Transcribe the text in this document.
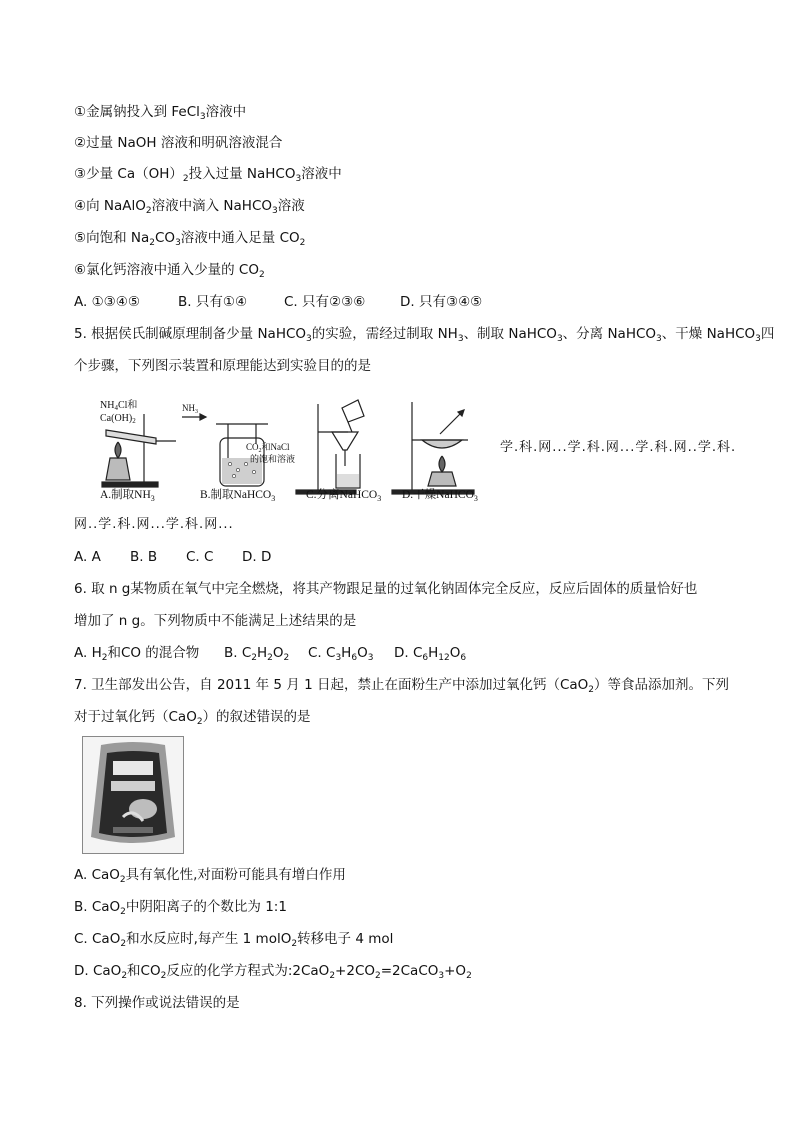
①金属钠投入到 FeCl$_3$溶液中
②过量 NaOH 溶液和明矾溶液混合
③少量 $Ca(OH)_2$投入过量 NaHCO$_3$溶液中
④向 NaAlO$_2$溶液中滴入 NaHCO$_3$溶液
⑤向饱和 $Na_2CO_3$溶液中通入足量 $CO_2$
⑥氯化钙溶液中通入少量的 $CO_2$
A. ①③④⑤	B. 只有①④	C. 只有②③⑥	D. 只有③④⑤
5. 根据侯氏制碱原理制备少量 NaHCO$_3$的实验，需经过制取 $NH_3$、制取 NaHCO$_3$、分离 NaHCO$_3$、干燥 NaHCO$_3$四
个步骤，下列图示装置和原理能达到实验目的的是
$NH_4Cl$和
$Ca(OH)_2$
$NH_3$
$CO_2$和NaCl
的饱和溶液
A.制取$NH_3$	B.制取NaHCO$_3$	C.分离NaHCO$_3$ D.干燥NaHCO$_3$
学.科.网...学.科.网...学.科.网..学.科.
网..学.科.网...学.科.网...
A. A B. B C. C D. D
6. 取 n g某物质在氧气中完全燃烧，将其产物跟足量的过氧化钠固体完全反应，反应后固体的质量恰好也
增加了 n g。下列物质中不能满足上述结果的是
A. $H_2$和CO 的混合物 B. $C_2H_2O_2$ C. $C_3H_6O_3$ D. $C_6H_{12}O_6$
7. 卫生部发出公告，自 2011 年 5 月 1 日起，禁止在面粉生产中添加过氧化钙（CaO$_2$）等食品添加剂。下列
对于过氧化钙（CaO$_2$）的叙述错误的是
A. CaO$_2$具有氧化性,对面粉可能具有增白作用
B. CaO$_2$中阴阳离子的个数比为 1:1
C. CaO$_2$和水反应时,每产生 1 molO$_2$转移电子 4 mol
D. CaO$_2$和$CO_2$反应的化学方程式为$:2CaO_2+2CO_2=2CaCO_3+O_2$
8. 下列操作或说法错误的是
